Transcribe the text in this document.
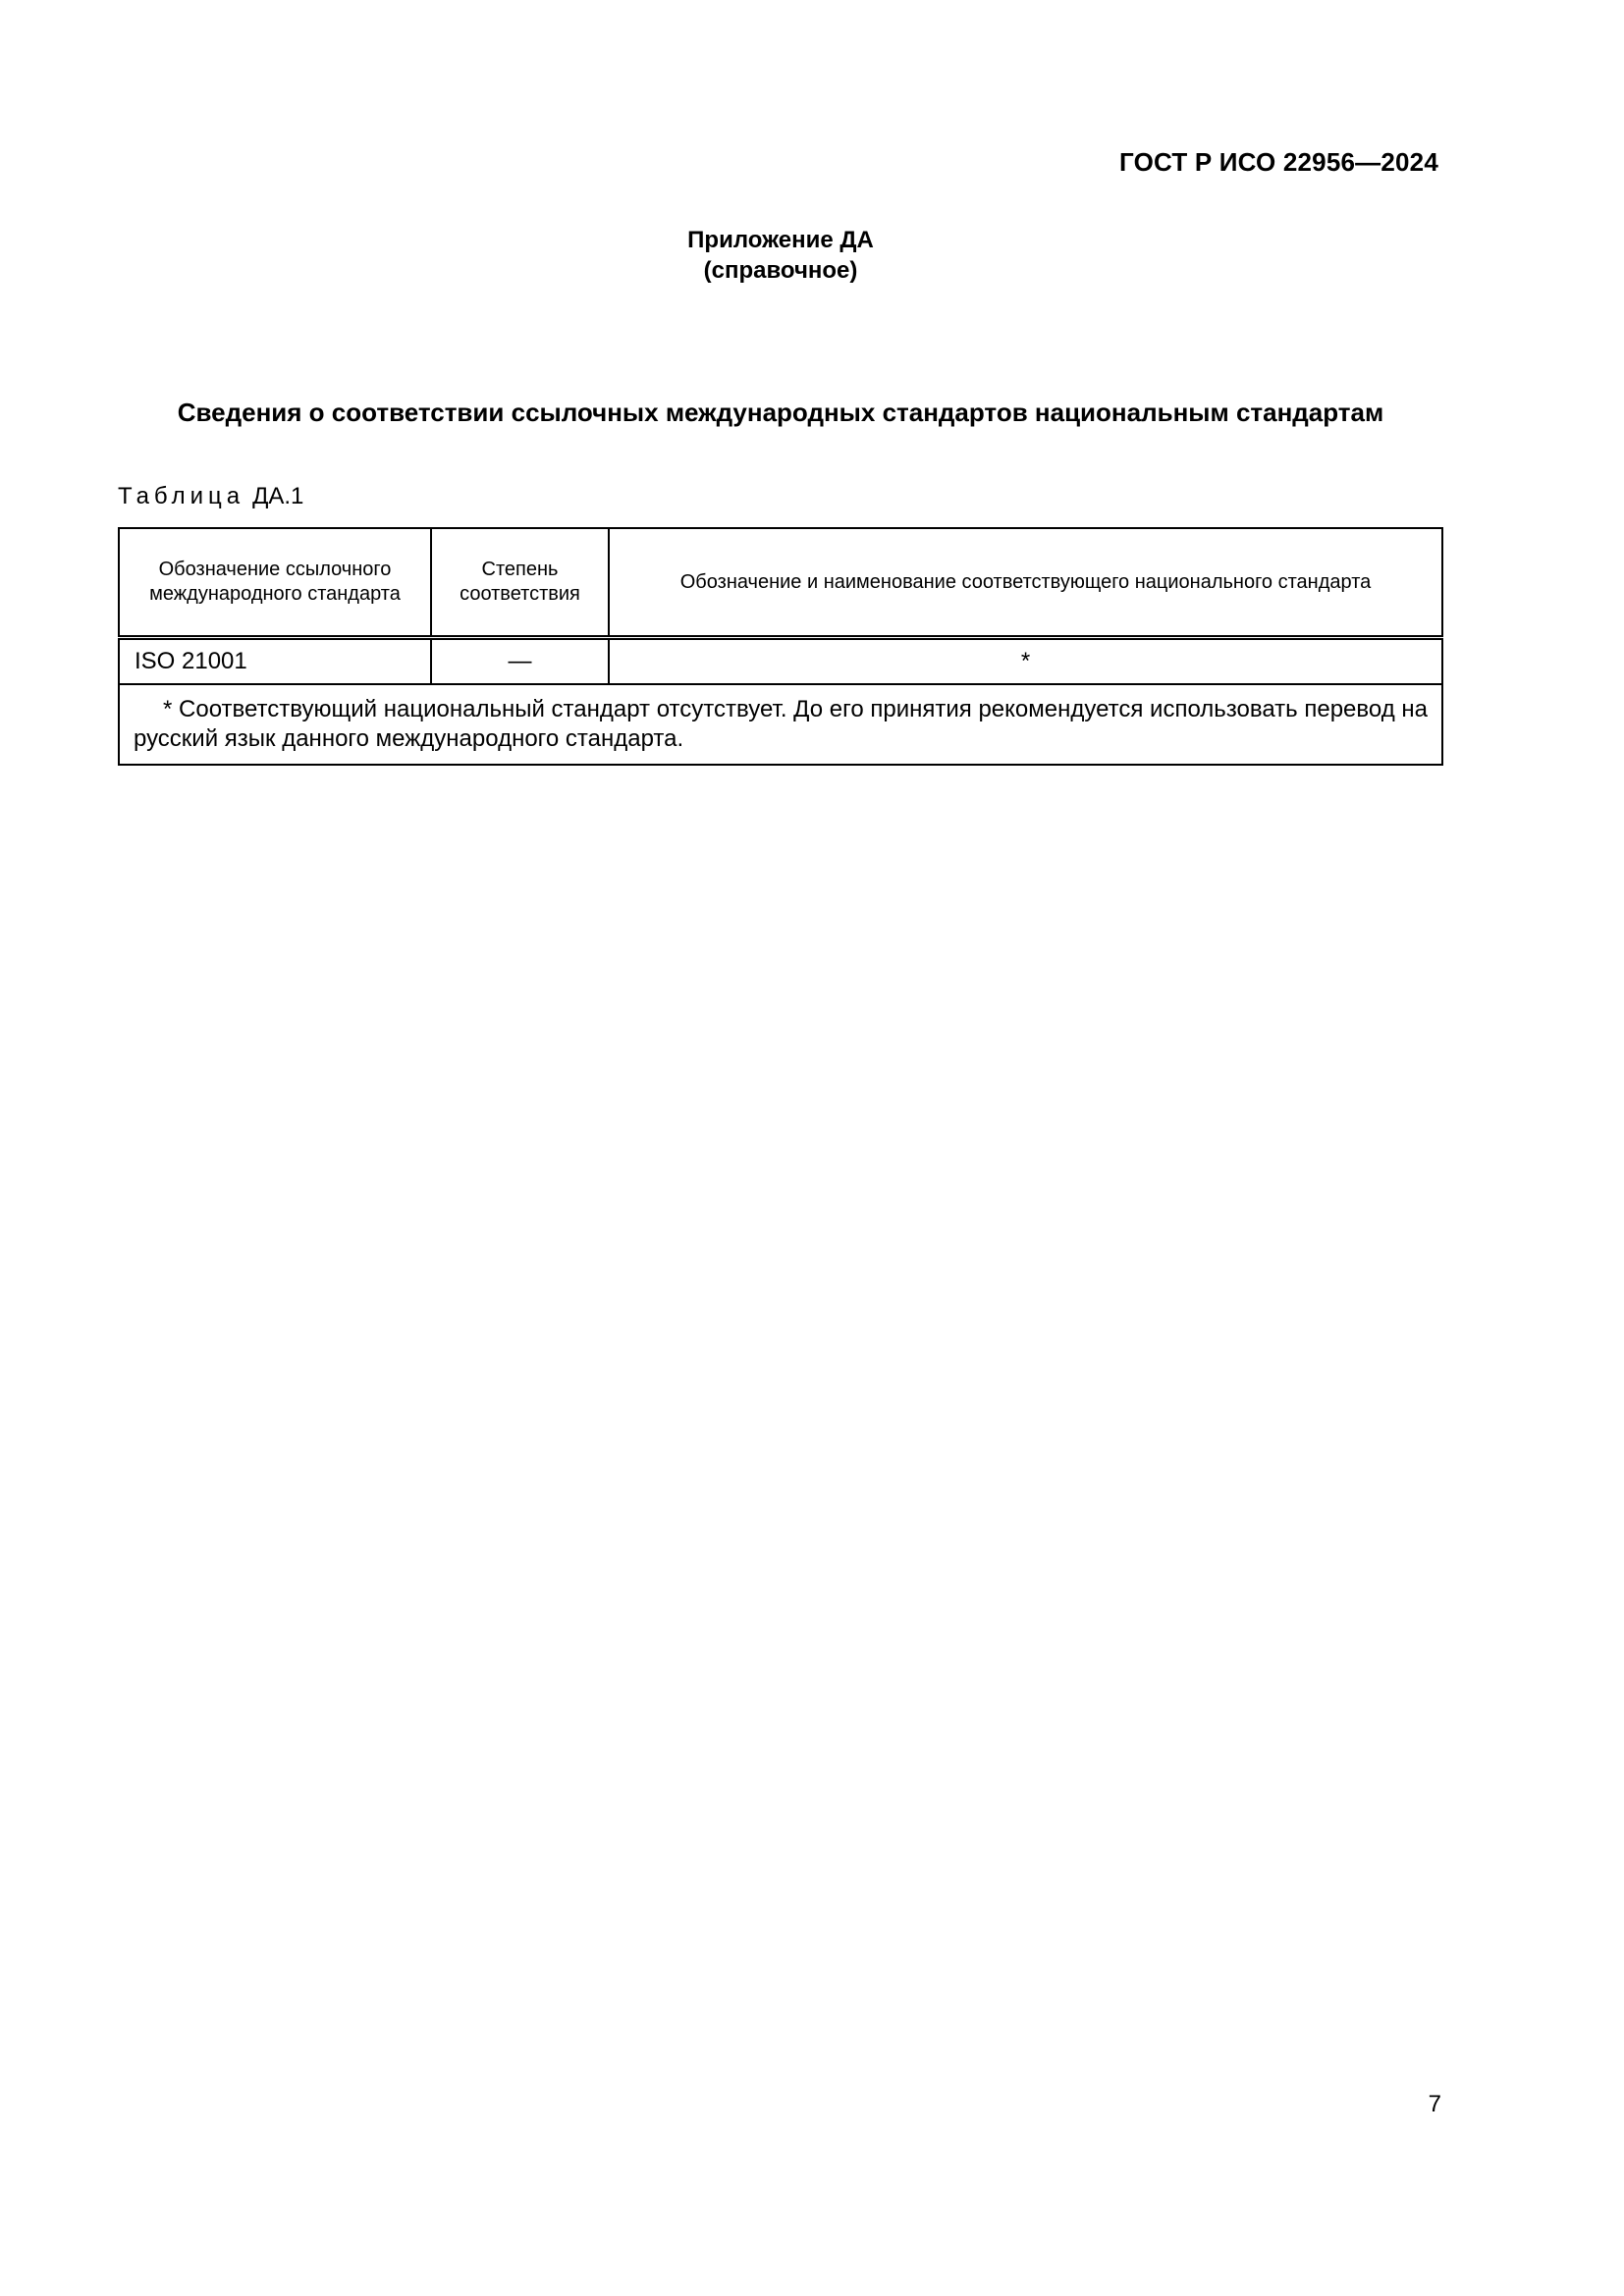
ГОСТ Р ИСО 22956—2024
Приложение ДА
(справочное)
Сведения о соответствии ссылочных международных стандартов национальным стандартам
Таблица ДА.1
Обозначение ссылочного международного стандарта	Степень соответствия	Обозначение и наименование соответствующего национального стандарта
ISO 21001	—	*
* Соответствующий национальный стандарт отсутствует. До его принятия рекомендуется использовать перевод на русский язык данного международного стандарта.		
7
